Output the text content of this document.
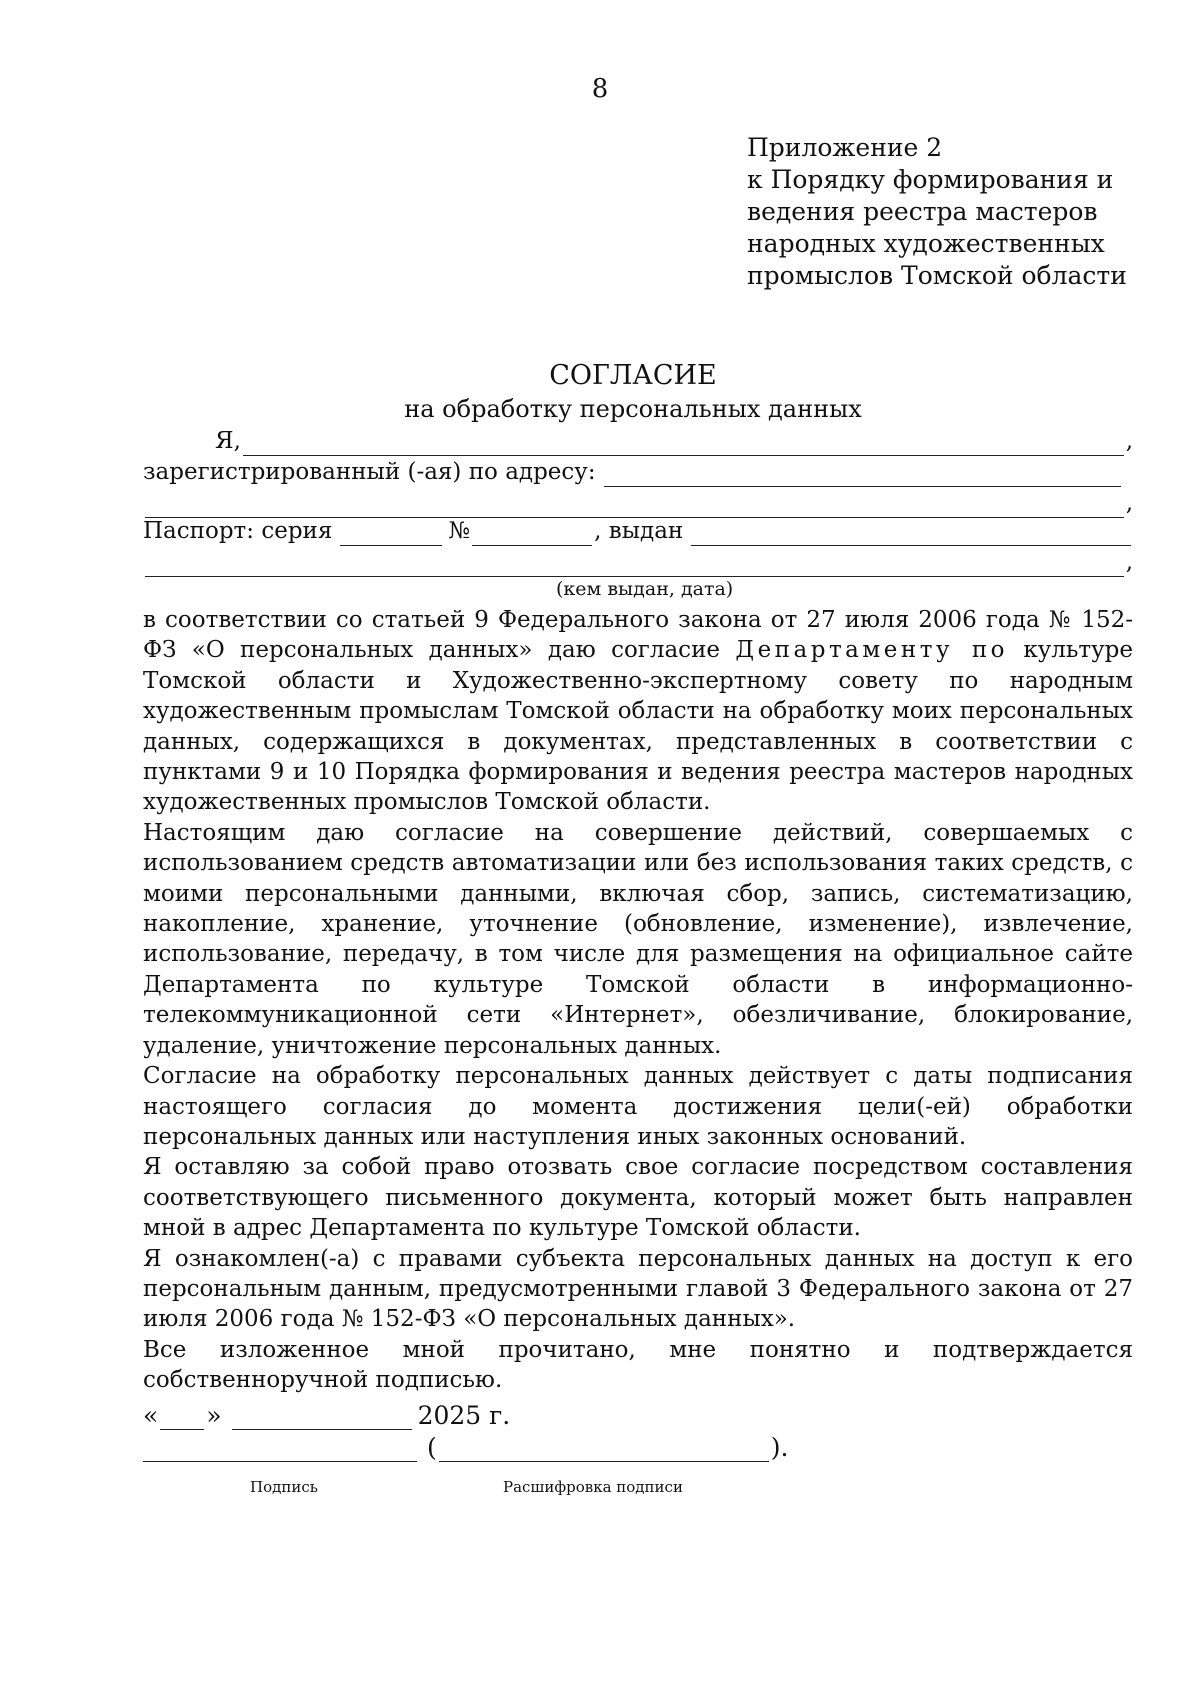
8
Приложение 2
к Порядку формирования и
ведения реестра мастеров
народных художественных
промыслов Томской области
СОГЛАСИЕ
на обработку персональных данных
Я,	,
зарегистрированный (-ая) по адресу:
,
Паспорт: серия	№	, выдан
,
(кем выдан, дата)

в соответствии со статьей 9 Федерального закона от 27 июля 2006 года № 152-ФЗ «О персональных данных» даю согласие Департаменту по культуре Томской области и Художественно-экспертному совету по народным художественным промыслам Томской области на обработку моих персональных данных, содержащихся в документах, представленных в соответствии с пунктами 9 и 10 Порядка формирования и ведения реестра мастеров народных художественных промыслов Томской области.

Настоящим даю согласие на совершение действий, совершаемых с использованием средств автоматизации или без использования таких средств, с моими персональными данными, включая сбор, запись, систематизацию, накопление, хранение, уточнение (обновление, изменение), извлечение, использование, передачу, в том числе для размещения на официальное сайте Департамента по культуре Томской области в информационно-телекоммуникационной сети «Интернет», обезличивание, блокирование, удаление, уничтожение персональных данных.

Согласие на обработку персональных данных действует с даты подписания настоящего согласия до момента достижения цели(-ей) обработки персональных данных или наступления иных законных оснований.

Я оставляю за собой право отозвать свое согласие посредством составления соответствующего письменного документа, который может быть направлен мной в адрес Департамента по культуре Томской области.

Я ознакомлен(-а) с правами субъекта персональных данных на доступ к его персональным данным, предусмотренными главой 3 Федерального закона от 27 июля 2006 года № 152-ФЗ «О персональных данных».

Все изложенное мной прочитано, мне понятно и подтверждается собственноручной подписью.

« »	2025 г.
(	).
Подпись	Расшифровка подписи
